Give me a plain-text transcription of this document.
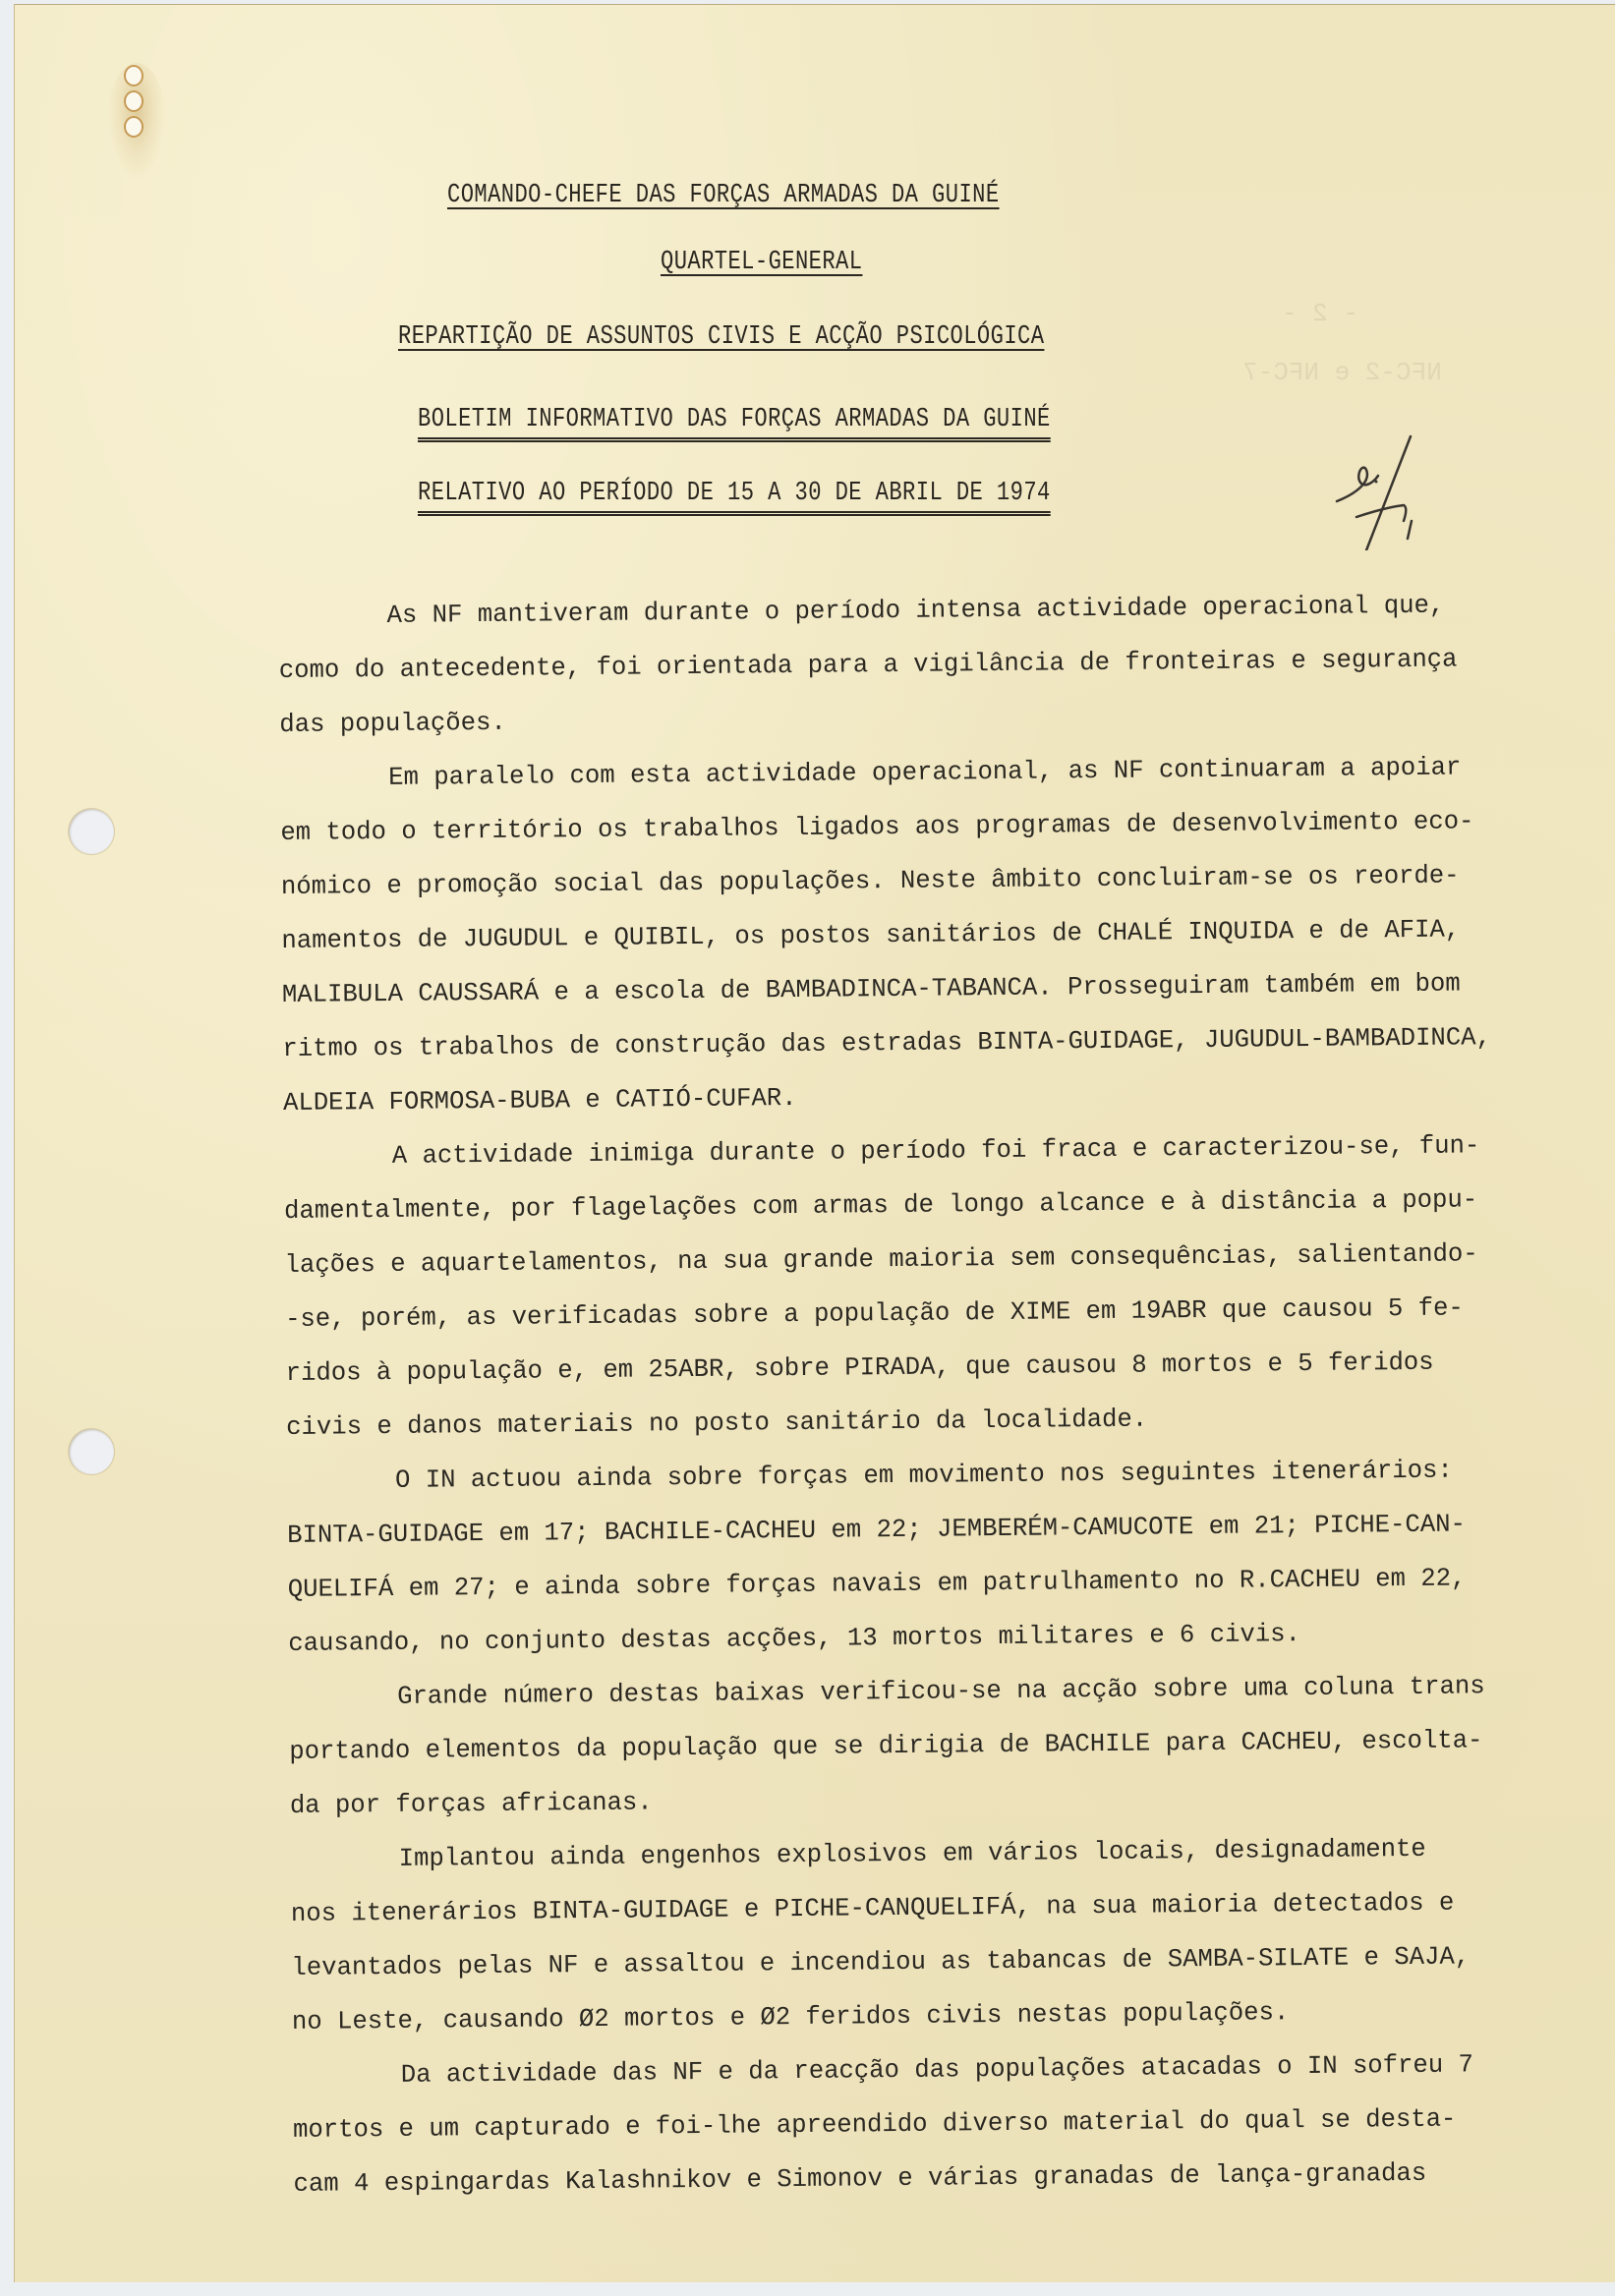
- 2 -
NFC-2 e NFC-7
COMANDO-CHEFE DAS FORÇAS ARMADAS DA GUINÉ
QUARTEL-GENERAL
REPARTIÇÃO DE ASSUNTOS CIVIS E ACÇÃO PSICOLÓGICA
BOLETIM INFORMATIVO DAS FORÇAS ARMADAS DA GUINÉ
RELATIVO AO PERÍODO DE 15 A 30 DE ABRIL DE 1974
As NF mantiveram durante o período intensa actividade operacional que,
como do antecedente, foi orientada para a vigilância de fronteiras e segurança
das populações.
Em paralelo com esta actividade operacional, as NF continuaram a apoiar
em todo o território os trabalhos ligados aos programas de desenvolvimento eco-
nómico e promoção social das populações. Neste âmbito concluiram-se os reorde-
namentos de JUGUDUL e QUIBIL, os postos sanitários de CHALÉ INQUIDA e de AFIA,
MALIBULA CAUSSARÁ e a escola de BAMBADINCA-TABANCA. Prosseguiram também em bom
ritmo os trabalhos de construção das estradas BINTA-GUIDAGE, JUGUDUL-BAMBADINCA,
ALDEIA FORMOSA-BUBA e CATIÓ-CUFAR.
A actividade inimiga durante o período foi fraca e caracterizou-se, fun-
damentalmente, por flagelações com armas de longo alcance e à distância a popu-
lações e aquartelamentos, na sua grande maioria sem consequências, salientando-
-se, porém, as verificadas sobre a população de XIME em 19ABR que causou 5 fe-
ridos à população e, em 25ABR, sobre PIRADA, que causou 8 mortos e 5 feridos
civis e danos materiais no posto sanitário da localidade.
O IN actuou ainda sobre forças em movimento nos seguintes itenerários:
BINTA-GUIDAGE em 17; BACHILE-CACHEU em 22; JEMBERÉM-CAMUCOTE em 21; PICHE-CAN-
QUELIFÁ em 27; e ainda sobre forças navais em patrulhamento no R.CACHEU em 22,
causando, no conjunto destas acções, 13 mortos militares e 6 civis.
Grande número destas baixas verificou-se na acção sobre uma coluna trans
portando elementos da população que se dirigia de BACHILE para CACHEU, escolta-
da por forças africanas.
Implantou ainda engenhos explosivos em vários locais, designadamente
nos itenerários BINTA-GUIDAGE e PICHE-CANQUELIFÁ, na sua maioria detectados e
levantados pelas NF e assaltou e incendiou as tabancas de SAMBA-SILATE e SAJA,
no Leste, causando Ø2 mortos e Ø2 feridos civis nestas populações.
Da actividade das NF e da reacção das populações atacadas o IN sofreu 7
mortos e um capturado e foi-lhe apreendido diverso material do qual se desta-
cam 4 espingardas Kalashnikov e Simonov e várias granadas de lança-granadas
